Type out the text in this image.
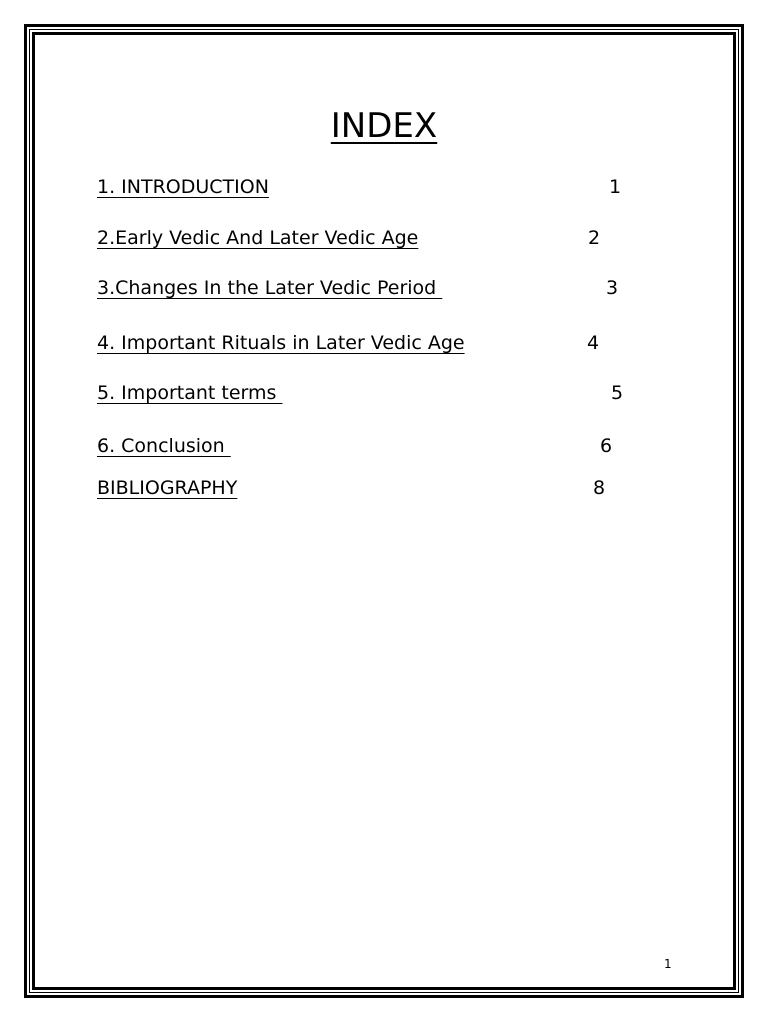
INDEX
1. INTRODUCTION	1
2.Early Vedic And Later Vedic Age	2
3.Changes In the Later Vedic Period	3
4. Important Rituals in Later Vedic Age	4
5. Important terms	5
6. Conclusion	6
BIBLIOGRAPHY	8
1
